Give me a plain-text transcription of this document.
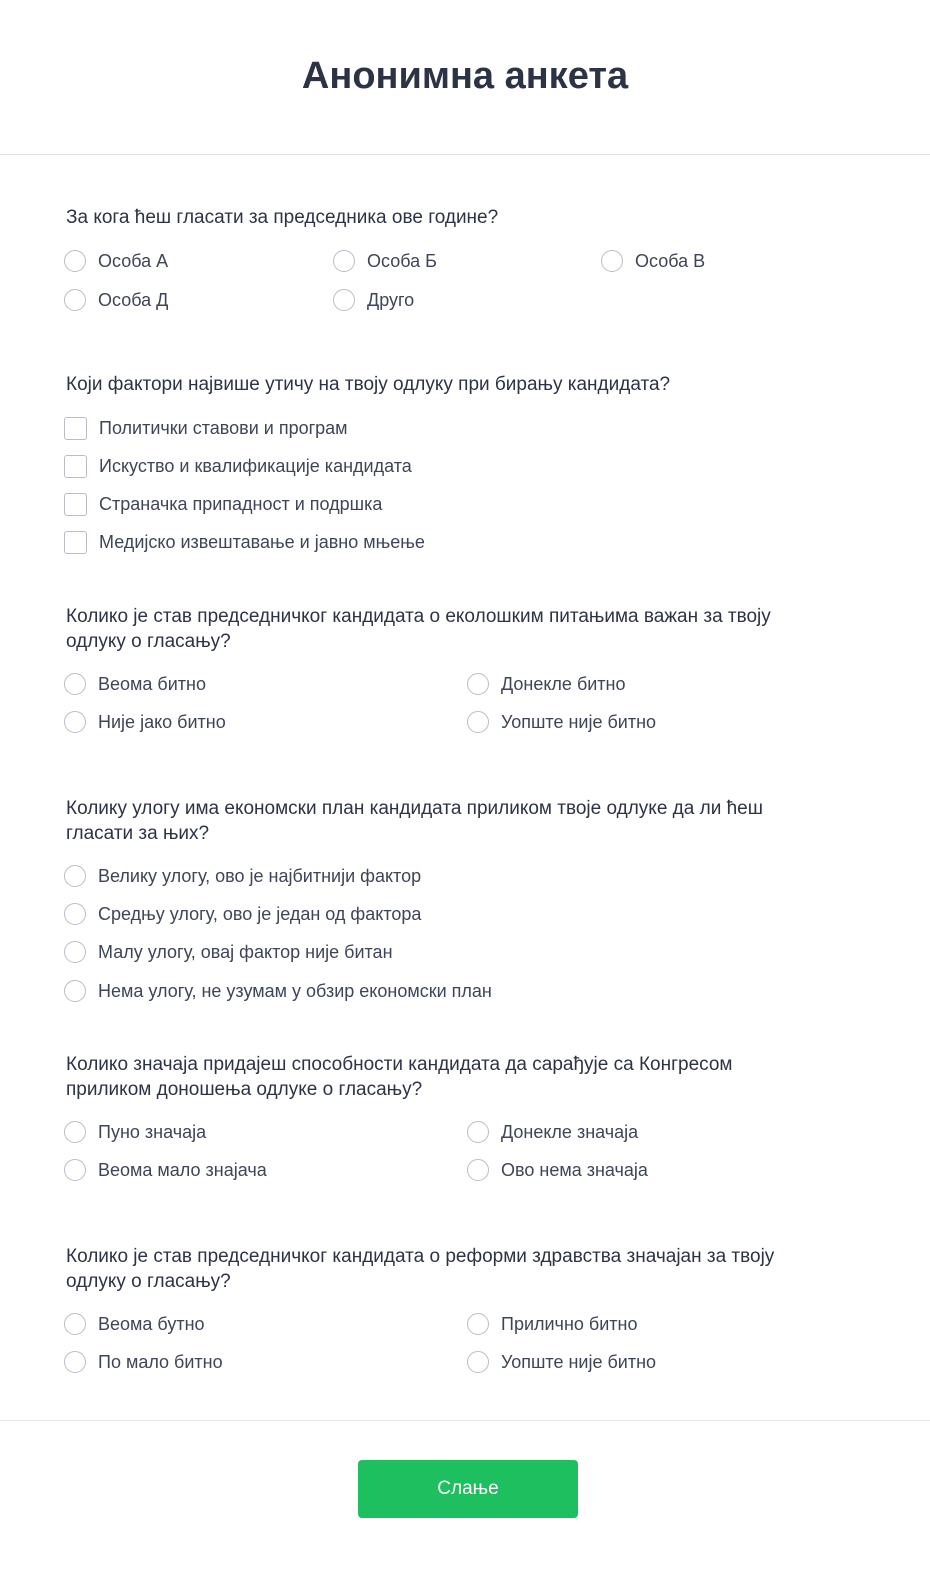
Анонимна анкета
За кога ћеш гласати за председника ове године?
Особа А	Особа Б	Особа В
Особа Д	Друго
Који фактори највише утичу на твоју одлуку при бирању кандидата?
Политички ставови и програм
Искуство и квалификације кандидата
Страначка припадност и подршка
Медијско извештавање и јавно мњење
Колико је став председничког кандидата о еколошким питањима важан за твоју
одлуку о гласању?
Веома битно	Донекле битно
Није јако битно	Уопште није битно
Колику улогу има економски план кандидата приликом твоје одлуке да ли ћеш
гласати за њих?
Велику улогу, ово је најбитнији фактор
Средњу улогу, ово је један од фактора
Малу улогу, овај фактор није битан
Нема улогу, не узумам у обзир економски план
Колико значаја придајеш способности кандидата да сарађује са Конгресом
приликом доношења одлуке о гласању?
Пуно значаја	Донекле значаја
Веома мало знајача	Ово нема значаја
Колико је став председничког кандидата о реформи здравства значајан за твоју
одлуку о гласању?
Веома бутно	Прилично битно
По мало битно	Уопште није битно
Слање
